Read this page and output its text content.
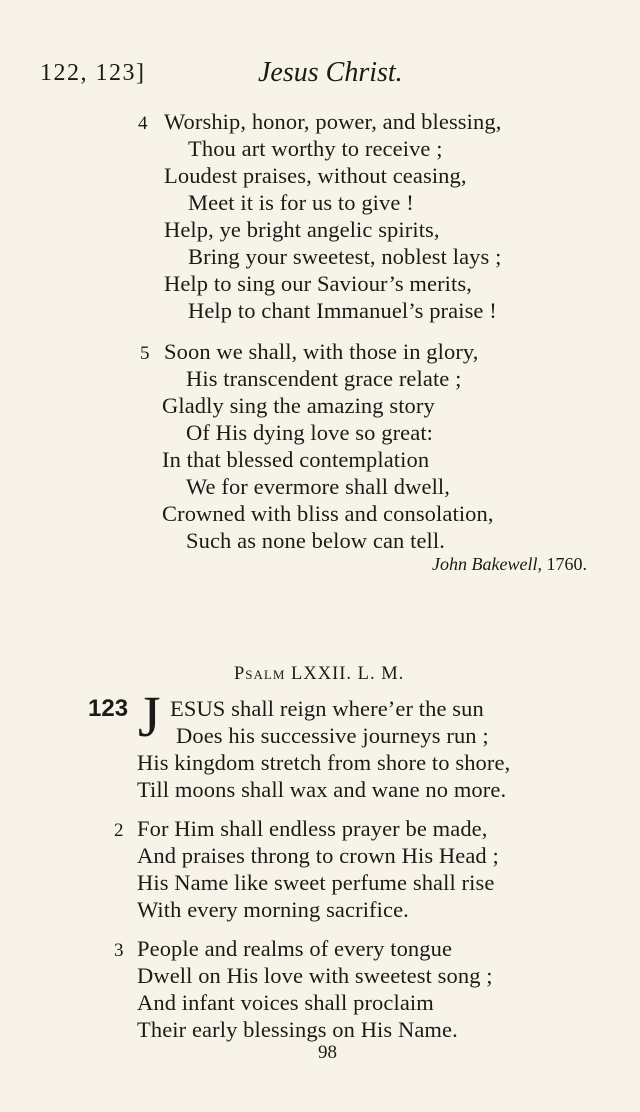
122, 123]	Jesus Christ.
4 Worship, honor, power, and blessing,
Thou art worthy to receive ;
Loudest praises, without ceasing,
Meet it is for us to give !
Help, ye bright angelic spirits,
Bring your sweetest, noblest lays ;
Help to sing our Saviour’s merits,
Help to chant Immanuel’s praise !
5 Soon we shall, with those in glory,
His transcendent grace relate ;
Gladly sing the amazing story
Of His dying love so great:
In that blessed contemplation
We for evermore shall dwell,
Crowned with bliss and consolation,
Such as none below can tell.
John Bakewell, 1760.
Psalm LXXII. L. M.
123 J ESUS shall reign where’er the sun
Does his successive journeys run ;
His kingdom stretch from shore to shore,
Till moons shall wax and wane no more.
2 For Him shall endless prayer be made,
And praises throng to crown His Head ;
His Name like sweet perfume shall rise
With every morning sacrifice.
3 People and realms of every tongue
Dwell on His love with sweetest song ;
And infant voices shall proclaim
Their early blessings on His Name.
98
